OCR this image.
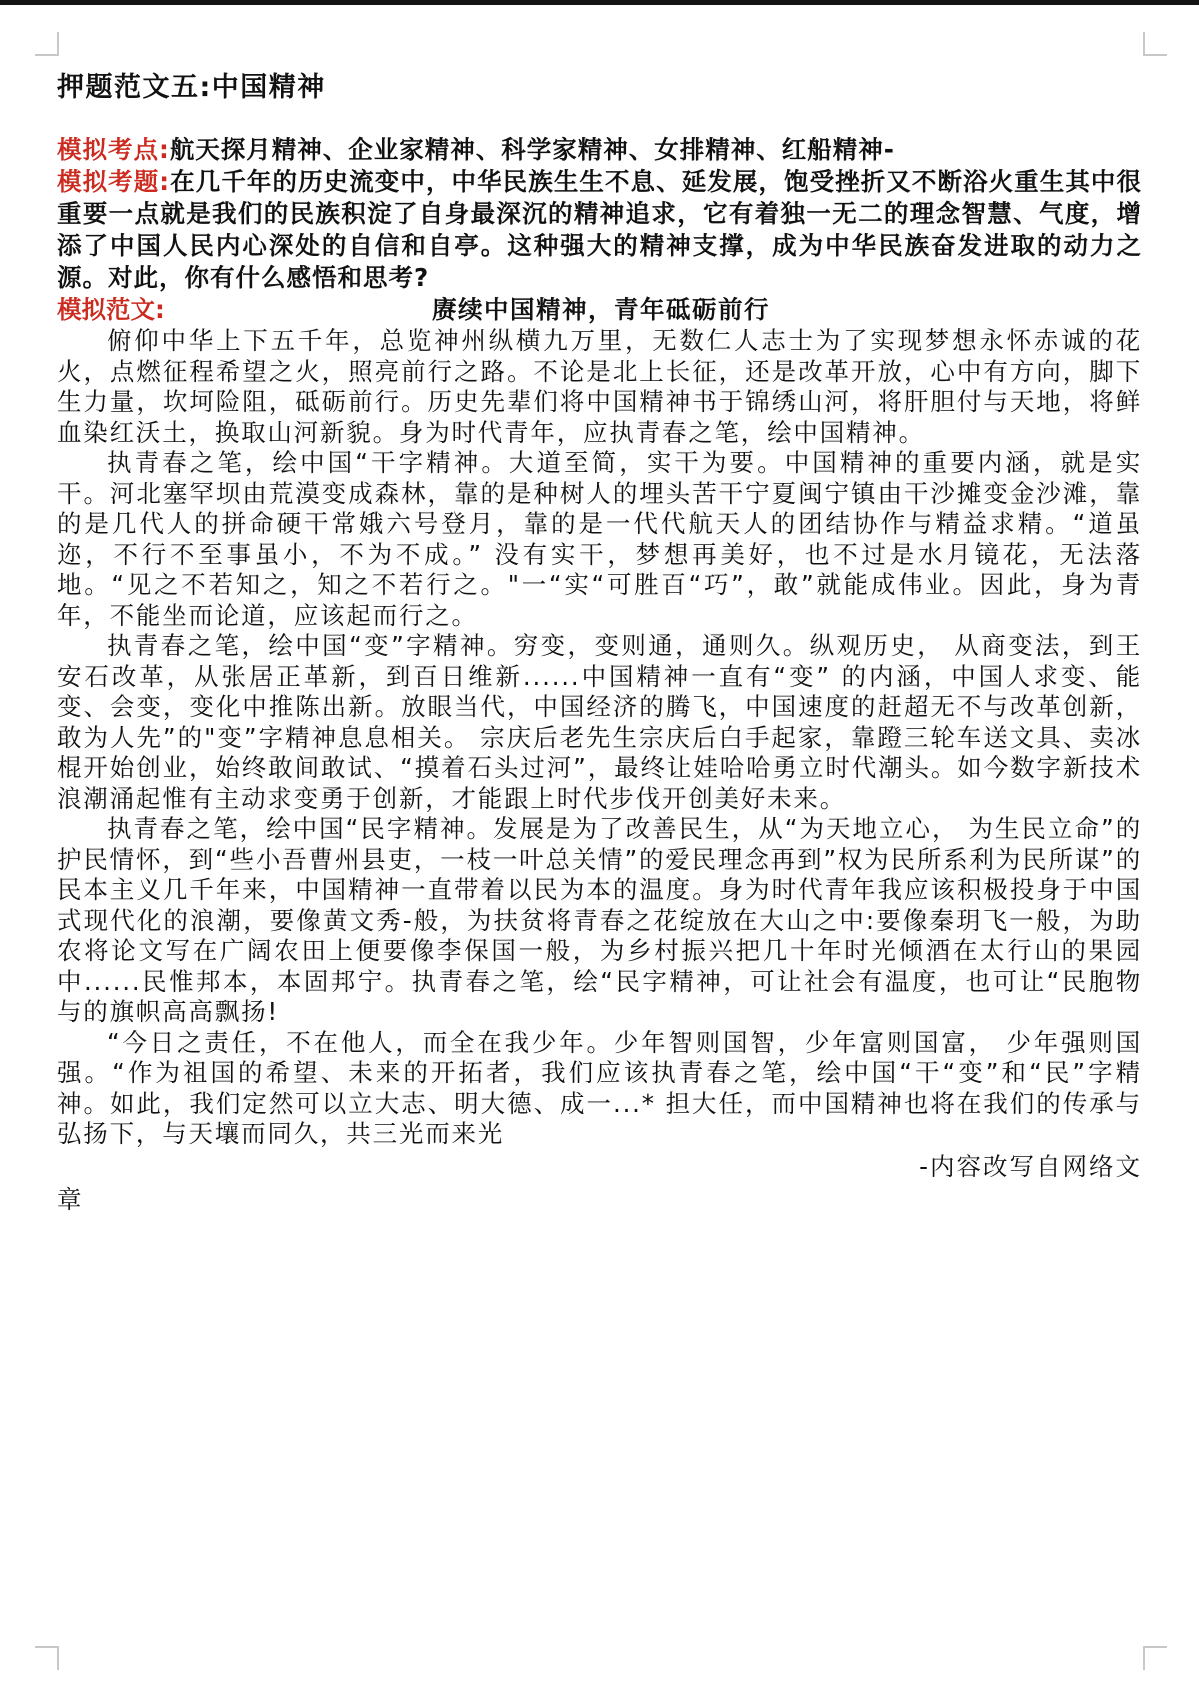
押题范文五:中国精神

模拟考点:航天探月精神、企业家精神、科学家精神、女排精神、红船精神-

模拟考题:在几千年的历史流变中，中华民族生生不息、延发展，饱受挫折又不断浴火重生其中很重要一点就是我们的民族积淀了自身最深沉的精神追求，它有着独一无二的理念智慧、气度，增添了中国人民内心深处的自信和自亭。这种强大的精神支撑，成为中华民族奋发进取的动力之源。对此，你有什么感悟和思考?

模拟范文:	赓续中国精神，青年砥砺前行

俯仰中华上下五千年，总览神州纵横九万里，无数仁人志士为了实现梦想永怀赤诚的花火，点燃征程希望之火，照亮前行之路。不论是北上长征，还是改革开放，心中有方向，脚下生力量，坎坷险阻，砥砺前行。历史先辈们将中国精神书于锦绣山河，将肝胆付与天地，将鲜血染红沃土，换取山河新貌。身为时代青年，应执青春之笔，绘中国精神。

执青春之笔，绘中国“干字精神。大道至简，实干为要。中国精神的重要内涵，就是实干。河北塞罕坝由荒漠变成森林，靠的是种树人的埋头苦干宁夏闽宁镇由干沙摊变金沙滩，靠的是几代人的拼命硬干常娥六号登月，靠的是一代代航天人的团结协作与精益求精。“道虽迩，不行不至事虽小，不为不成。” 没有实干，梦想再美好，也不过是水月镜花，无法落地。“见之不若知之，知之不若行之。"一“实“可胜百“巧”，敢”就能成伟业。因此，身为青年，不能坐而论道，应该起而行之。

执青春之笔，绘中国“变”字精神。穷变，变则通，通则久。纵观历史， 从商变法，到王安石改革，从张居正革新，到百日维新......中国精神一直有“变” 的内涵，中国人求变、能变、会变，变化中推陈出新。放眼当代，中国经济的腾飞，中国速度的赶超无不与改革创新，敢为人先”的"变”字精神息息相关。 宗庆后老先生宗庆后白手起家，靠蹬三轮车送文具、卖冰棍开始创业，始终敢间敢试、“摸着石头过河”，最终让娃哈哈勇立时代潮头。如今数字新技术浪潮涌起惟有主动求变勇于创新，才能跟上时代步伐开创美好未来。

执青春之笔，绘中国“民字精神。发展是为了改善民生，从“为天地立心， 为生民立命”的护民情怀，到“些小吾曹州县吏，一枝一叶总关情”的爱民理念再到”权为民所系利为民所谋”的民本主义几千年来，中国精神一直带着以民为本的温度。身为时代青年我应该积极投身于中国式现代化的浪潮，要像黄文秀-般，为扶贫将青春之花绽放在大山之中:要像秦玥飞一般，为助农将论文写在广阔农田上便要像李保国一般，为乡村振兴把几十年时光倾酒在太行山的果园中......民惟邦本，本固邦宁。执青春之笔，绘“民字精神，可让社会有温度，也可让“民胞物与的旗帜高高飘扬!

“今日之责任，不在他人，而全在我少年。少年智则国智，少年富则国富， 少年强则国强。“作为祖国的希望、未来的开拓者，我们应该执青春之笔，绘中国“干“变”和“民”字精神。如此，我们定然可以立大志、明大德、成一...* 担大任，而中国精神也将在我们的传承与弘扬下，与天壤而同久，共三光而来光

-内容改写自网络文
章
